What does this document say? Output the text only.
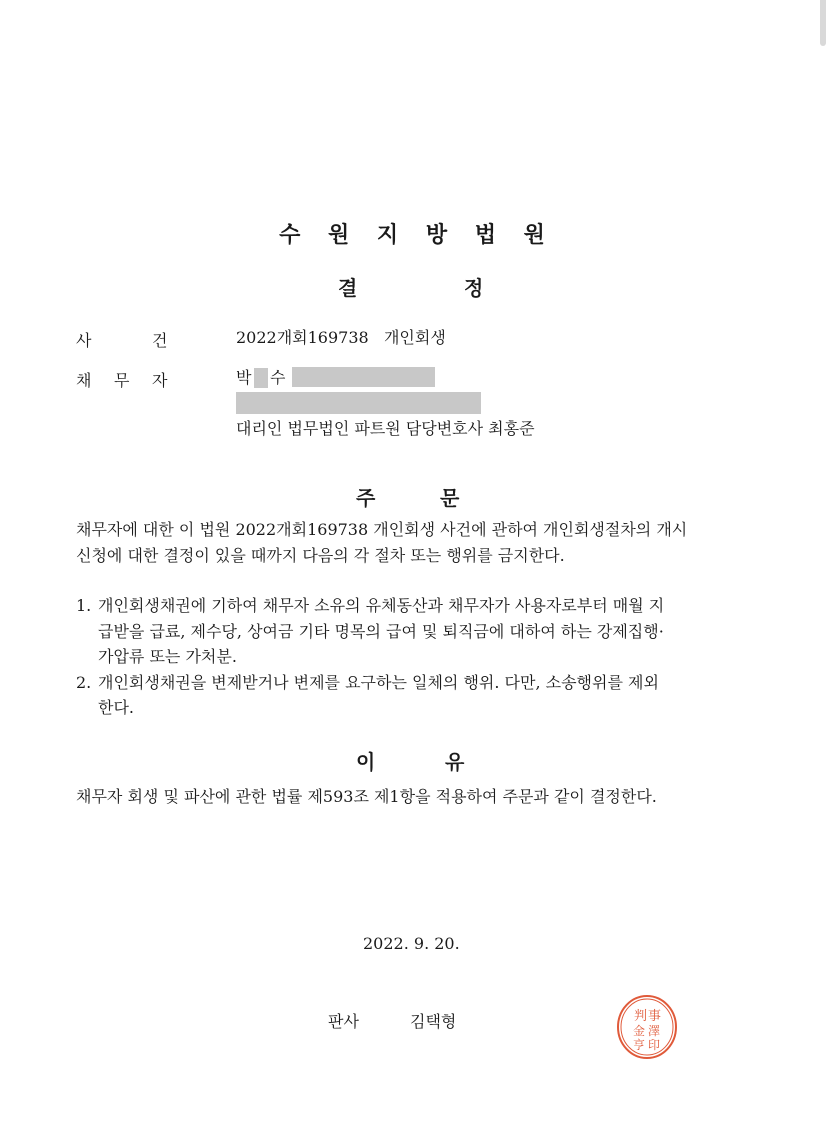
수 원 지 방 법 원
결	정
사	건	2022개회169738   개인회생
채 무 자	박 수
대리인 법무법인 파트원 담당변호사 최홍준
주	문
채무자에 대한 이 법원 2022개회169738 개인회생 사건에 관하여 개인회생절차의 개시
신청에 대한 결정이 있을 때까지 다음의 각 절차 또는 행위를 금지한다.
1. 개인회생채권에 기하여 채무자 소유의 유체동산과 채무자가 사용자로부터 매월 지
급받을 급료, 제수당, 상여금 기타 명목의 급여 및 퇴직금에 대하여 하는 강제집행·
가압류 또는 가처분.
2. 개인회생채권을 변제받거나 변제를 요구하는 일체의 행위. 다만, 소송행위를 제외
한다.
이	유
채무자 회생 및 파산에 관한 법률 제593조 제1항을 적용하여 주문과 같이 결정한다.
2022. 9. 20.
판사	김택형	判 事
金 澤
亨 印
